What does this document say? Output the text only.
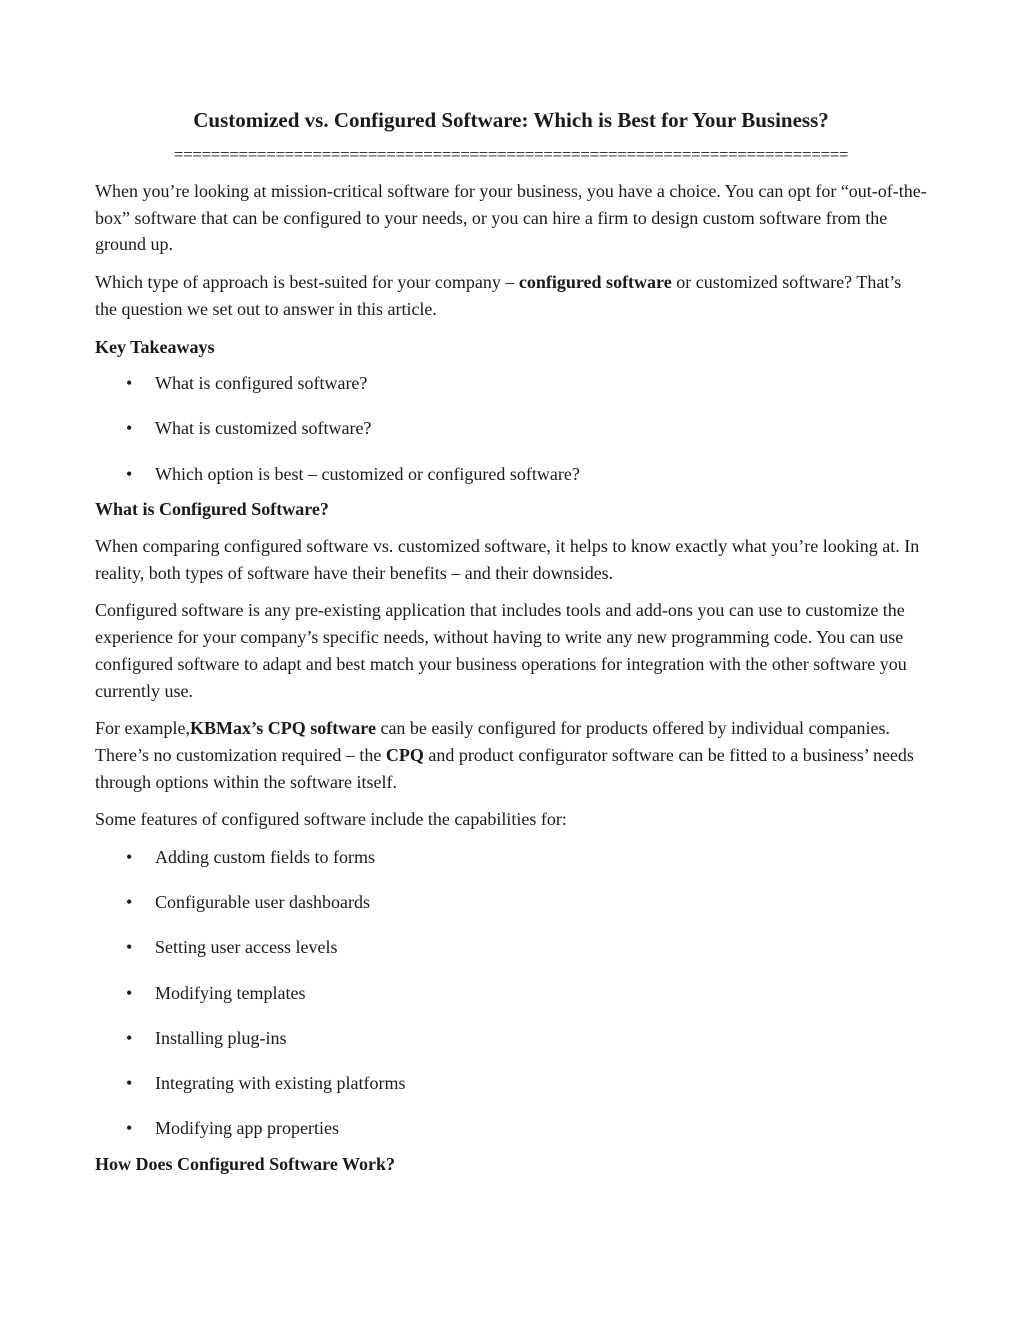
Customized vs. Configured Software: Which is Best for Your Business?
=========================================================================

When you’re looking at mission-critical software for your business, you have a choice. You can opt for “out-of-the-box” software that can be configured to your needs, or you can hire a firm to design custom software from the ground up.

Which type of approach is best-suited for your company – configured software or customized software? That’s the question we set out to answer in this article.

Key Takeaways

• What is configured software?
• What is customized software?
• Which option is best – customized or configured software?

What is Configured Software?

When comparing configured software vs. customized software, it helps to know exactly what you’re looking at. In reality, both types of software have their benefits – and their downsides.

Configured software is any pre-existing application that includes tools and add-ons you can use to customize the experience for your company’s specific needs, without having to write any new programming code. You can use configured software to adapt and best match your business operations for integration with the other software you currently use.

For example,KBMax’s CPQ software can be easily configured for products offered by individual companies. There’s no customization required – the CPQ and product configurator software can be fitted to a business’ needs through options within the software itself.

Some features of configured software include the capabilities for:

• Adding custom fields to forms
• Configurable user dashboards
• Setting user access levels
• Modifying templates
• Installing plug-ins
• Integrating with existing platforms
• Modifying app properties

How Does Configured Software Work?
